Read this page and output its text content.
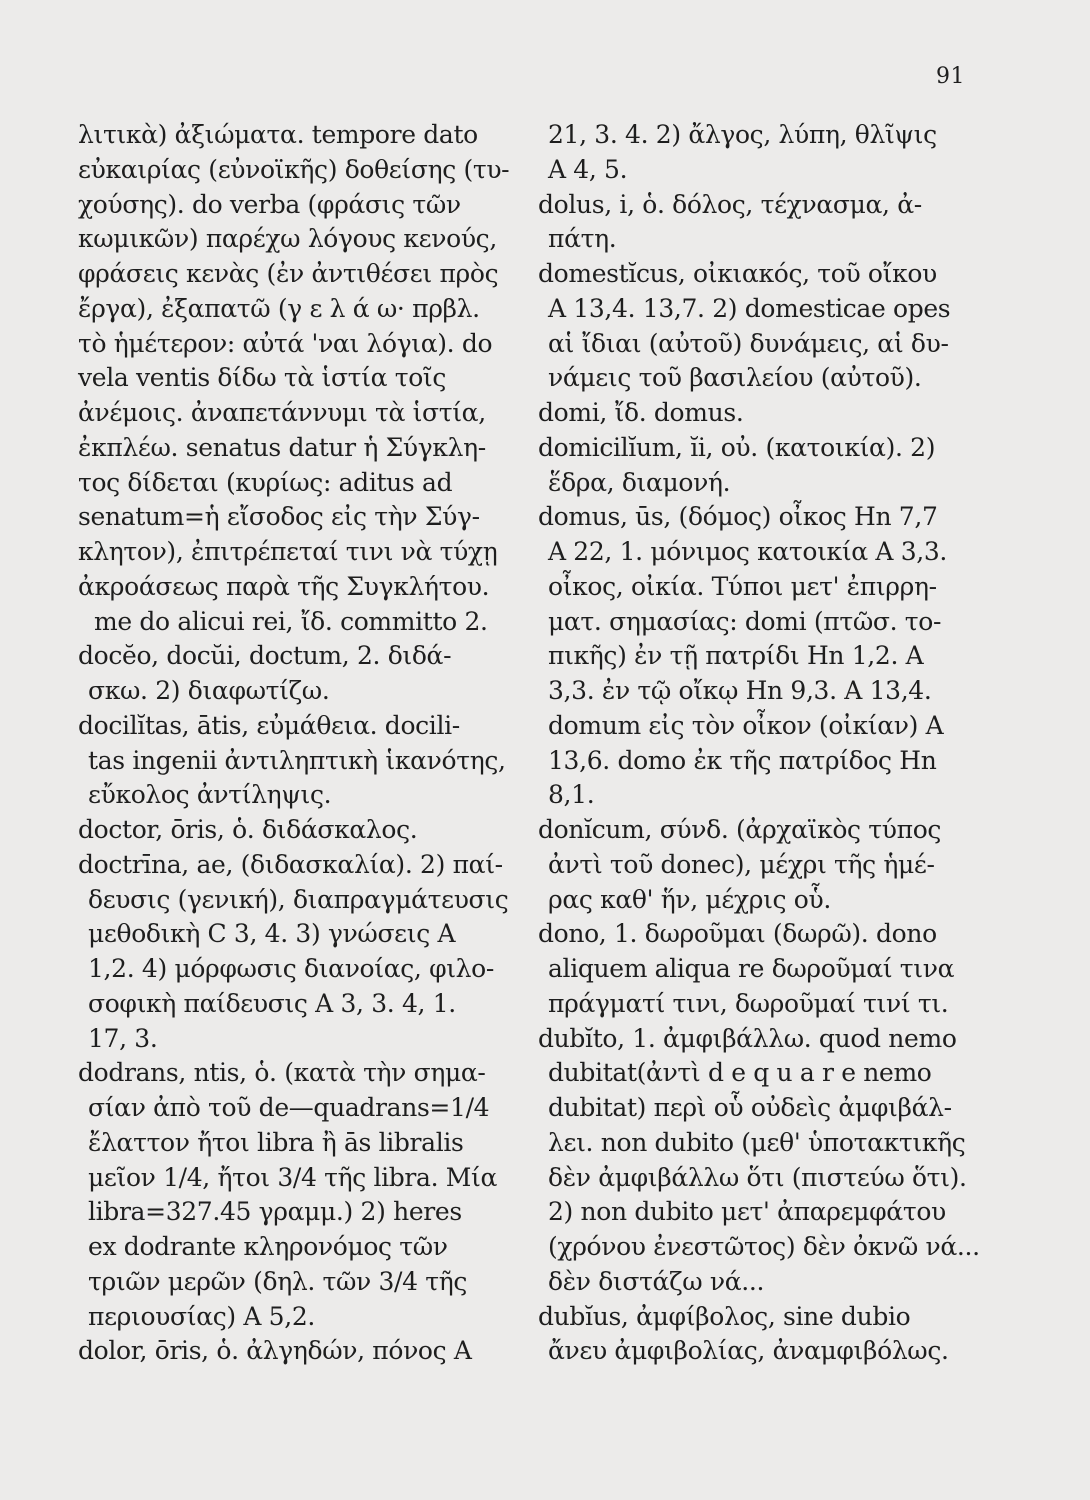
91
λιτικὰ) ἀξιώματα. tempore dato
εὐκαιρίας (εὐνοϊκῆς) δοθείσης (τυ-
χούσης). do verba (φράσις τῶν
κωμικῶν) παρέχω λόγους κενούς,
φράσεις κενὰς (ἐν ἀντιθέσει πρὸς
ἔργα), ἐξαπατῶ (γ ε λ ά ω· πρβλ.
τὸ ἡμέτερον: αὐτά 'ναι λόγια). do
vela ventis δίδω τὰ ἱστία τοῖς
ἀνέμοις. ἀναπετάννυμι τὰ ἱστία,
ἐκπλέω. senatus datur ἡ Σύγκλη-
τος δίδεται (κυρίως: aditus ad
senatum=ἡ εἴσοδος εἰς τὴν Σύγ-
κλητον), ἐπιτρέπεταί τινι νὰ τύχῃ
ἀκροάσεως παρὰ τῆς Συγκλήτου.
me do alicui rei, ἴδ. committo 2.
docĕo, docŭi, doctum, 2. διδά-
σκω. 2) διαφωτίζω.
docilĭtas, ātis, εὐμάθεια. docili-
tas ingenii ἀντιληπτικὴ ἱκανότης,
εὔκολος ἀντίληψις.
doctor, ōris, ὁ. διδάσκαλος.
doctrīna, ae, (διδασκαλία). 2) παί-
δευσις (γενική), διαπραγμάτευσις
μεθοδικὴ C 3, 4. 3) γνώσεις A
1,2. 4) μόρφωσις διανοίας, φιλο-
σοφικὴ παίδευσις A 3, 3. 4, 1.
17, 3.
dodrans, ntis, ὁ. (κατὰ τὴν σημα-
σίαν ἀπὸ τοῦ de—quadrans=1/4
ἔλαττον ἤτοι libra ἢ ās libralis
μεῖον 1/4, ἤτοι 3/4 τῆς libra. Μία
libra=327.45 γραμμ.) 2) heres
ex dodrante κληρονόμος τῶν
τριῶν μερῶν (δηλ. τῶν 3/4 τῆς
περιουσίας) A 5,2.
dolor, ōris, ὁ. ἀλγηδών, πόνος A
21, 3. 4. 2) ἄλγος, λύπη, θλῖψις
A 4, 5.
dolus, i, ὁ. δόλος, τέχνασμα, ἀ-
πάτη.
domestĭcus, οἰκιακός, τοῦ οἴκου
A 13,4. 13,7. 2) domesticae opes
αἱ ἴδιαι (αὐτοῦ) δυνάμεις, αἱ δυ-
νάμεις τοῦ βασιλείου (αὐτοῦ).
domi, ἴδ. domus.
domicilĭum, ĭi, οὐ. (κατοικία). 2)
ἕδρα, διαμονή.
domus, ūs, (δόμος) οἶκος Hn 7,7
A 22, 1. μόνιμος κατοικία A 3,3.
οἶκος, οἰκία. Τύποι μετ' ἐπιρρη-
ματ. σημασίας: domi (πτῶσ. το-
πικῆς) ἐν τῇ πατρίδι Hn 1,2. A
3,3. ἐν τῷ οἴκῳ Hn 9,3. A 13,4.
domum εἰς τὸν οἶκον (οἰκίαν) A
13,6. domo ἐκ τῆς πατρίδος Hn
8,1.
donĭcum, σύνδ. (ἀρχαϊκὸς τύπος
ἀντὶ τοῦ donec), μέχρι τῆς ἡμέ-
ρας καθ' ἥν, μέχρις οὗ.
dono, 1. δωροῦμαι (δωρῶ). dono
aliquem aliqua re δωροῦμαί τινα
πράγματί τινι, δωροῦμαί τινί τι.
dubĭto, 1. ἀμφιβάλλω. quod nemo
dubitat(ἀντὶ d e q u a r e nemo
dubitat) περὶ οὗ οὐδεὶς ἀμφιβάλ-
λει. non dubito (μεθ' ὑποτακτικῆς
δὲν ἀμφιβάλλω ὅτι (πιστεύω ὅτι).
2) non dubito μετ' ἀπαρεμφάτου
(χρόνου ἐνεστῶτος) δὲν ὀκνῶ νά...
δὲν διστάζω νά...
dubĭus, ἀμφίβολος, sine dubio
ἄνευ ἀμφιβολίας, ἀναμφιβόλως.
